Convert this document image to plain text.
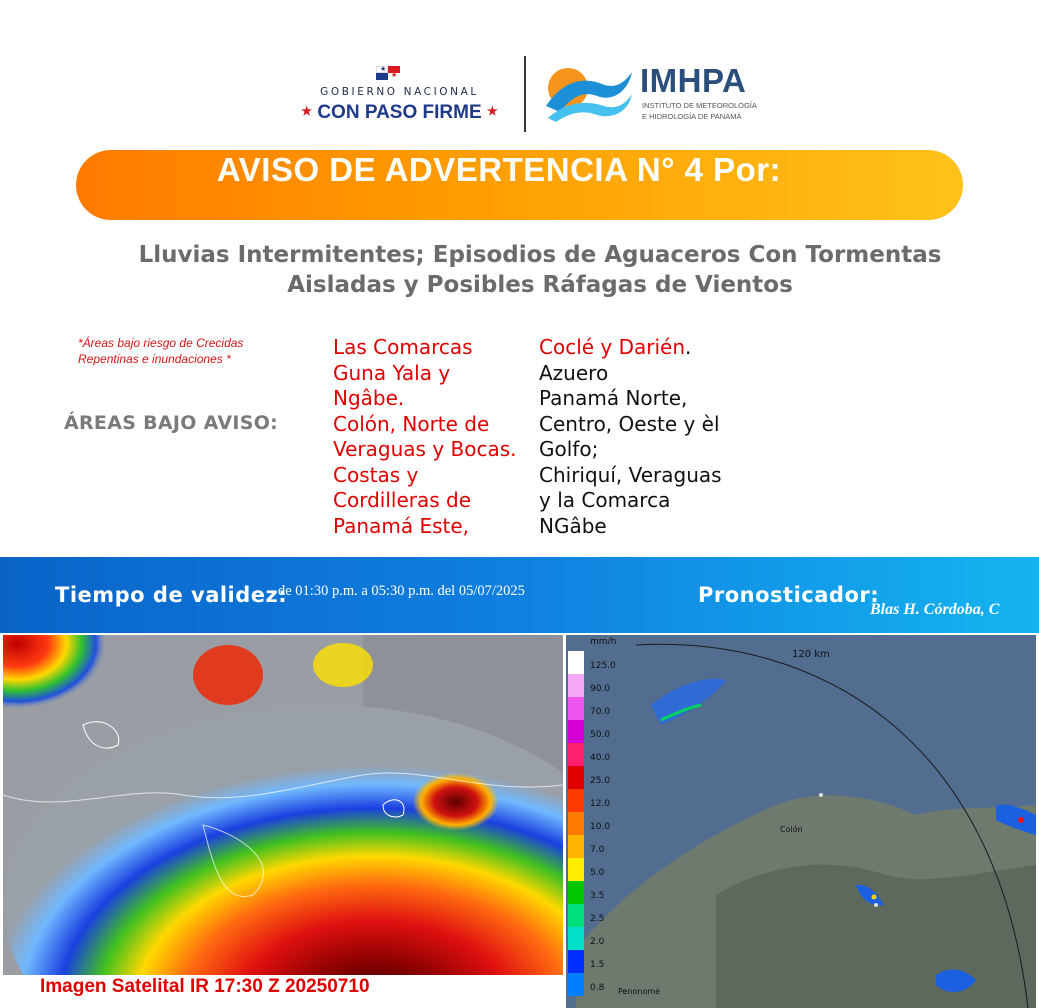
★
★
GOBIERNO NACIONAL
★ CON PASO FIRME ★
IMHPA
INSTITUTO DE METEOROLOGÍA
E HIDROLOGÍA DE PANAMÁ
AVISO DE ADVERTENCIA N° 4 Por:
Lluvias Intermitentes; Episodios de Aguaceros Con Tormentas
Aisladas y Posibles Ráfagas de Vientos
*Áreas bajo riesgo de Crecidas
Repentinas e inundaciones *
ÁREAS BAJO AVISO:
Las Comarcas
Guna Yala y
Ngâbe.
Colón, Norte de
Veraguas y Bocas.
Costas y
Cordilleras de
Panamá Este,
Coclé y Darién.
Azuero
Panamá Norte,
Centro, Oeste y èl
Golfo;
Chiriquí, Veraguas
y la Comarca
NGâbe
Tiempo de validez:
de 01:30 p.m. a 05:30 p.m. del 05/07/2025	Pronosticador:
Blas H. Córdoba, C
Imagen Satelital IR 17:30 Z 20250710
mm/h
120 km
Colón
Penonomé
125.0
90.0
70.0
50.0
40.0
25.0
12.0
10.0
7.0
5.0
3.5
2.5
2.0
1.5
0.8
